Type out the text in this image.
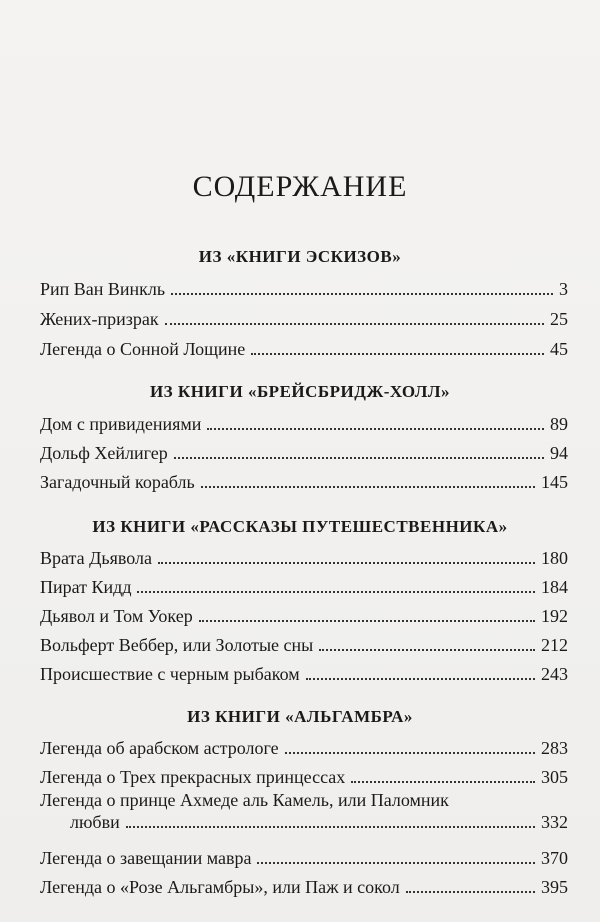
СОДЕРЖАНИЕ
ИЗ «КНИГИ ЭСКИЗОВ»
Рип Ван Винкль	3
Жених-призрак	25
Легенда о Сонной Лощине	45
ИЗ КНИГИ «БРЕЙСБРИДЖ-ХОЛЛ»
Дом с привидениями	89
Дольф Хейлигер	94
Загадочный корабль	145
ИЗ КНИГИ «РАССКАЗЫ ПУТЕШЕСТВЕННИКА»
Врата Дьявола	180
Пират Кидд	184
Дьявол и Том Уокер	192
Вольферт Веббер, или Золотые сны	212
Происшествие с черным рыбаком	243
ИЗ КНИГИ «АЛЬГАМБРА»
Легенда об арабском астрологе	283
Легенда о Трех прекрасных принцессах	305
Легенда о принце Ахмеде аль Камель, или Паломник
любви	332
Легенда о завещании мавра	370
Легенда о «Розе Альгамбры», или Паж и сокол	395
